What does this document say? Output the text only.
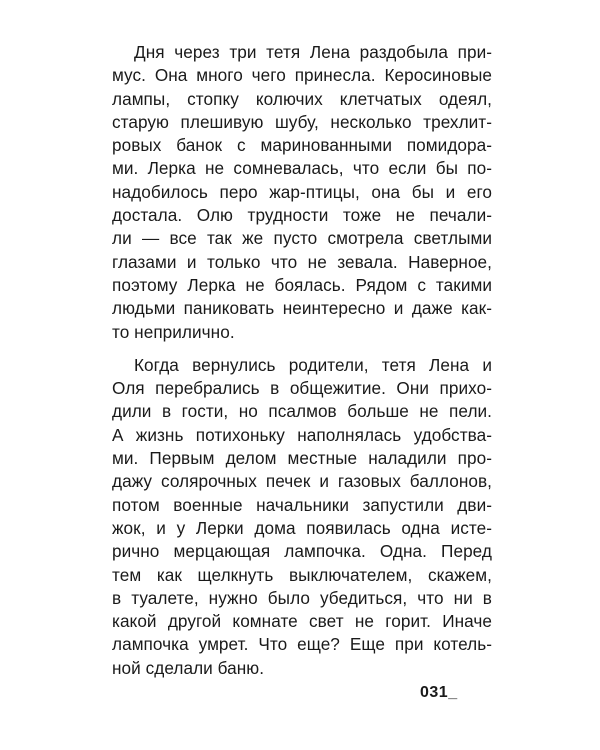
Дня через три тетя Лена раздобыла при-
мус. Она много чего принесла. Керосиновые
лампы, стопку колючих клетчатых одеял,
старую плешивую шубу, несколько трехлит-
ровых банок с маринованными помидора-
ми. Лерка не сомневалась, что если бы по-
надобилось перо жар-птицы, она бы и его
достала. Олю трудности тоже не печали-
ли — все так же пусто смотрела светлыми
глазами и только что не зевала. Наверное,
поэтому Лерка не боялась. Рядом с такими
людьми паниковать неинтересно и даже как-
то неприлично.
Когда вернулись родители, тетя Лена и
Оля перебрались в общежитие. Они прихо-
дили в гости, но псалмов больше не пели.
А жизнь потихоньку наполнялась удобства-
ми. Первым делом местные наладили про-
дажу солярочных печек и газовых баллонов,
потом военные начальники запустили дви-
жок, и у Лерки дома появилась одна исте-
рично мерцающая лампочка. Одна. Перед
тем как щелкнуть выключателем, скажем,
в туалете, нужно было убедиться, что ни в
какой другой комнате свет не горит. Иначе
лампочка умрет. Что еще? Еще при котель-
ной сделали баню.
031_
